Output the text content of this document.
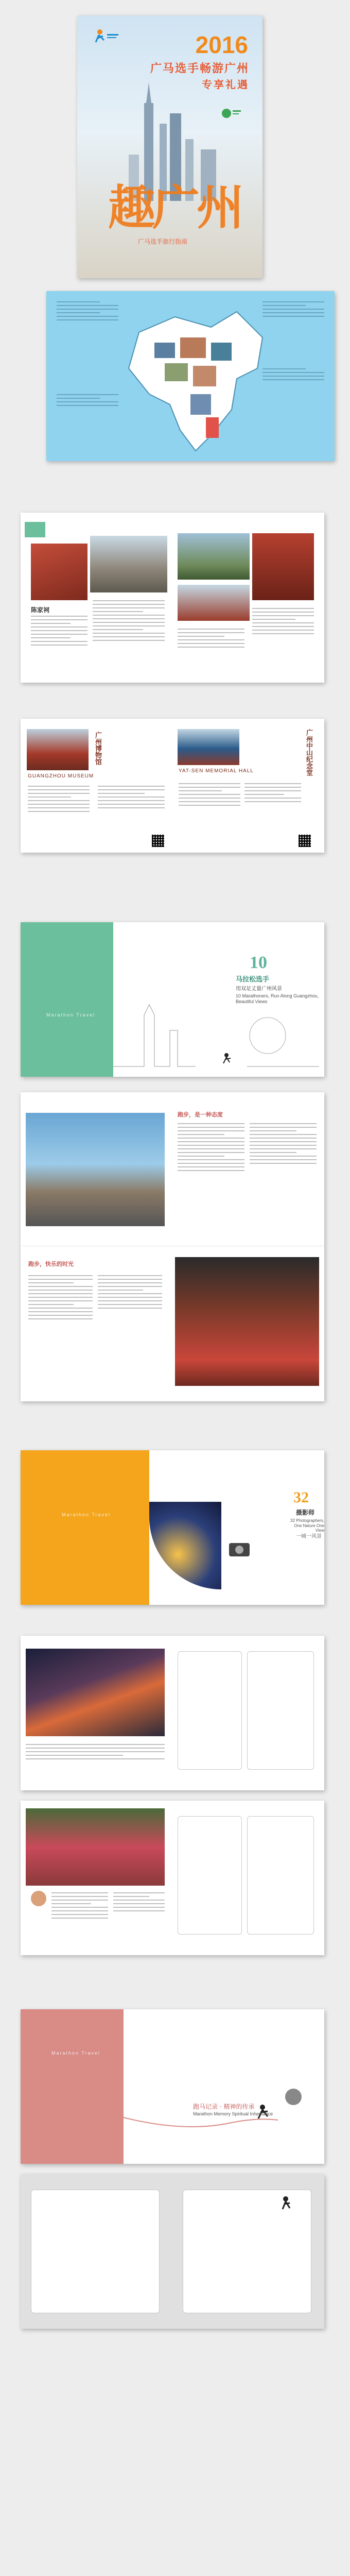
2016
广马选手畅游广州
专享礼遇
趣广州
广马选手旅行指南
陈家祠
广州博物馆
GUANGZHOU MUSEUM
广州中山纪念堂
YAT-SEN MEMORIAL HALL
Marathon Travel
10
马拉松选手
用双足丈量广州风景
10 Marathoners, Run Along Guangzhou, Beautiful Views
跑步，是一种态度
跑步，快乐的时光
Marathon Travel
32
摄影师
32 Photographers, One Nature One View
一城一风景
Marathon Travel
跑马记录 · 精神的传承
Marathon Memory Spiritual Inheritance
